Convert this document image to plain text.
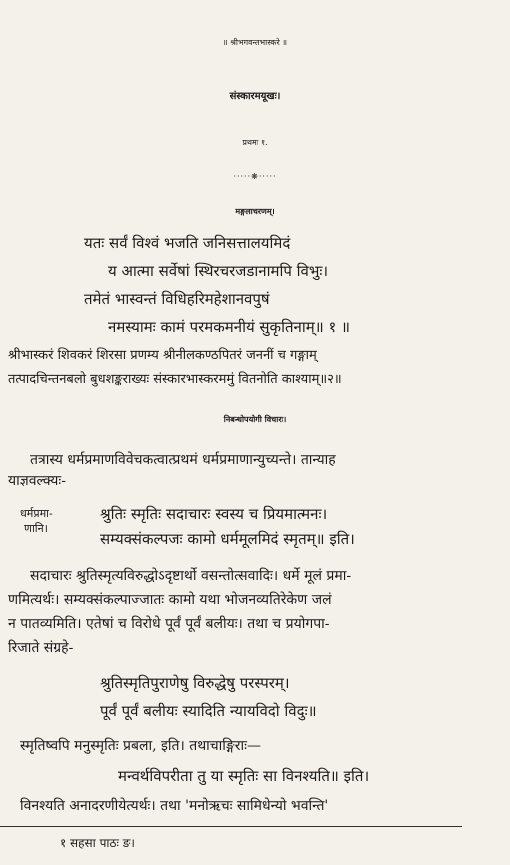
॥ श्रीभगवन्तभास्करे ॥
संस्कारमयूखः।
प्रथमः १.
·····❋·····
मङ्गलाचरणम्।
यतः सर्वं विश्वं भजति जनिसत्तालयमिदं
य आत्मा सर्वेषां स्थिरचरजडानामपि विभुः।
तमेतं भास्वन्तं विधिहरिमहेशानवपुषं
नमस्यामः कामं परमकमनीयं सुकृतिनाम्॥ १ ॥
श्रीभास्करं शिवकरं शिरसा प्रणम्य श्रीनीलकण्ठपितरं जननीं च गङ्गाम्
तत्पादचिन्तनबलो बुधशङ्कराख्यः संस्कारभास्करममुं वितनोति काश्याम्॥२॥
निबन्धोपयोगी विचारः।
तत्रास्य धर्मप्रमाणविवेचकत्वात्प्रथमं धर्मप्रमाणान्युच्यन्ते। तान्याह
याज्ञवल्क्यः-
धर्मप्रमा-
णानि।
श्रुतिः स्मृतिः सदाचारः स्वस्य च प्रियमात्मनः।
सम्यक्संकल्पजः कामो धर्ममूलमिदं स्मृतम्॥ इति।
सदाचारः श्रुतिस्मृत्यविरुद्धोऽदृष्टार्थो वसन्तोत्सवादिः। धर्मे मूलं प्रमा-
णमित्यर्थः। सम्यक्संकल्पाज्जातः कामो यथा भोजनव्यतिरेकेण जलं
न पातव्यमिति। एतेषां च विरोधे पूर्वं पूर्वं बलीयः। तथा च प्रयोगपा-
रिजाते संग्रहे-
श्रुतिस्मृतिपुराणेषु विरुद्धेषु परस्परम्।
पूर्वं पूर्वं बलीयः स्यादिति न्यायविदो विदुः॥
स्मृतिष्वपि मनुस्मृतिः प्रबला, इति। तथाचाङ्गिराः—
मन्वर्थविपरीता तु या स्मृतिः सा विनश्यति॥ इति।
विनश्यति अनादरणीयेत्यर्थः। तथा 'मनोऋचः सामिधेन्यो भवन्ति'
१ सहसा पाठः ङ।
